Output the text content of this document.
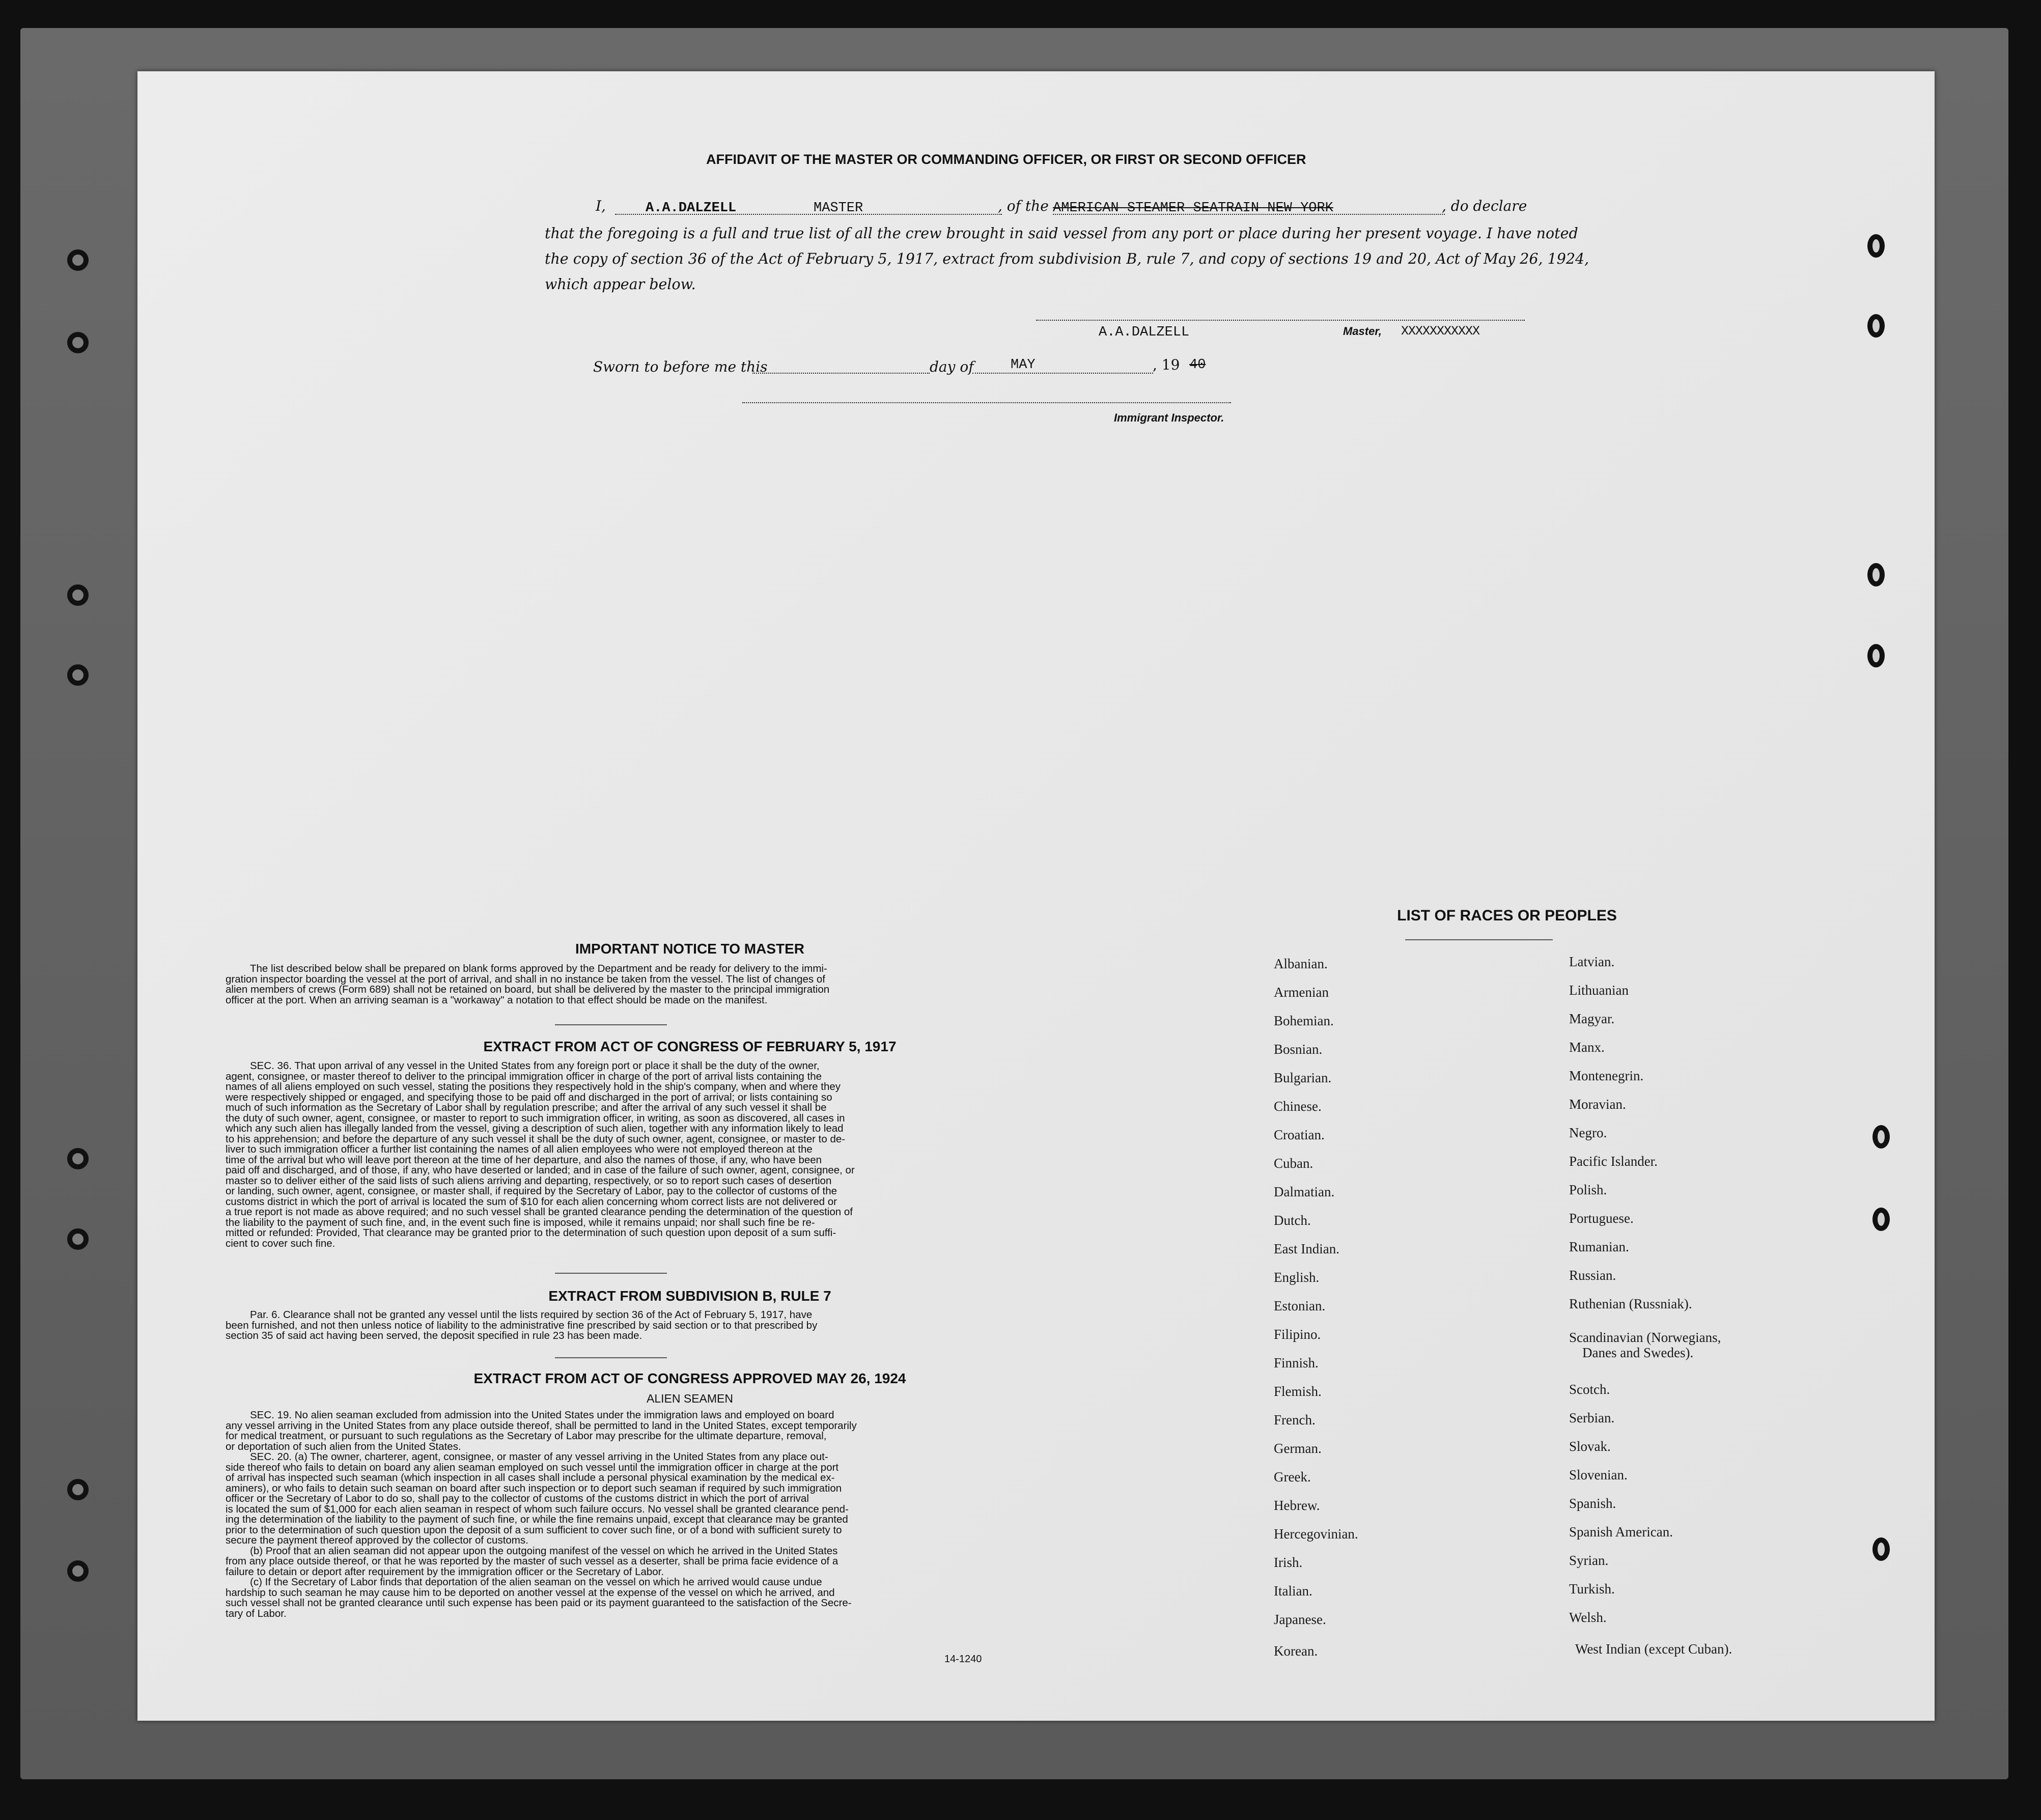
AFFIDAVIT OF THE MASTER OR COMMANDING OFFICER, OR FIRST OR SECOND OFFICER
I,	A.A.DALZELL	MASTER	, of the AMERICAN STEAMER SEATRAIN NEW YORK	, do declare
that the foregoing is a full and true list of all the crew brought in said vessel from any port or place during her present voyage. I have noted
the copy of section 36 of the Act of February 5, 1917, extract from subdivision B, rule 7, and copy of sections 19 and 20, Act of May 26, 1924,
which appear below.
A.A.DALZELL	Master, XXXXXXXXXXX
Sworn to before me this	day of	MAY	, 19 40
Immigrant Inspector.
IMPORTANT NOTICE TO MASTER
The list described below shall be prepared on blank forms approved by the Department and be ready for delivery to the immi-
gration inspector boarding the vessel at the port of arrival, and shall in no instance be taken from the vessel. The list of changes of
alien members of crews (Form 689) shall not be retained on board, but shall be delivered by the master to the principal immigration
officer at the port. When an arriving seaman is a "workaway" a notation to that effect should be made on the manifest.
EXTRACT FROM ACT OF CONGRESS OF FEBRUARY 5, 1917
SEC. 36. That upon arrival of any vessel in the United States from any foreign port or place it shall be the duty of the owner,
agent, consignee, or master thereof to deliver to the principal immigration officer in charge of the port of arrival lists containing the
names of all aliens employed on such vessel, stating the positions they respectively hold in the ship's company, when and where they
were respectively shipped or engaged, and specifying those to be paid off and discharged in the port of arrival; or lists containing so
much of such information as the Secretary of Labor shall by regulation prescribe; and after the arrival of any such vessel it shall be
the duty of such owner, agent, consignee, or master to report to such immigration officer, in writing, as soon as discovered, all cases in
which any such alien has illegally landed from the vessel, giving a description of such alien, together with any information likely to lead
to his apprehension; and before the departure of any such vessel it shall be the duty of such owner, agent, consignee, or master to de-
liver to such immigration officer a further list containing the names of all alien employees who were not employed thereon at the
time of the arrival but who will leave port thereon at the time of her departure, and also the names of those, if any, who have been
paid off and discharged, and of those, if any, who have deserted or landed; and in case of the failure of such owner, agent, consignee, or
master so to deliver either of the said lists of such aliens arriving and departing, respectively, or so to report such cases of desertion
or landing, such owner, agent, consignee, or master shall, if required by the Secretary of Labor, pay to the collector of customs of the
customs district in which the port of arrival is located the sum of $10 for each alien concerning whom correct lists are not delivered or
a true report is not made as above required; and no such vessel shall be granted clearance pending the determination of the question of
the liability to the payment of such fine, and, in the event such fine is imposed, while it remains unpaid; nor shall such fine be re-
mitted or refunded: Provided, That clearance may be granted prior to the determination of such question upon deposit of a sum suffi-
cient to cover such fine.
EXTRACT FROM SUBDIVISION B, RULE 7
Par. 6. Clearance shall not be granted any vessel until the lists required by section 36 of the Act of February 5, 1917, have
been furnished, and not then unless notice of liability to the administrative fine prescribed by said section or to that prescribed by
section 35 of said act having been served, the deposit specified in rule 23 has been made.
EXTRACT FROM ACT OF CONGRESS APPROVED MAY 26, 1924
ALIEN SEAMEN
SEC. 19. No alien seaman excluded from admission into the United States under the immigration laws and employed on board
any vessel arriving in the United States from any place outside thereof, shall be permitted to land in the United States, except temporarily
for medical treatment, or pursuant to such regulations as the Secretary of Labor may prescribe for the ultimate departure, removal,
or deportation of such alien from the United States.
SEC. 20. (a) The owner, charterer, agent, consignee, or master of any vessel arriving in the United States from any place out-
side thereof who fails to detain on board any alien seaman employed on such vessel until the immigration officer in charge at the port
of arrival has inspected such seaman (which inspection in all cases shall include a personal physical examination by the medical ex-
aminers), or who fails to detain such seaman on board after such inspection or to deport such seaman if required by such immigration
officer or the Secretary of Labor to do so, shall pay to the collector of customs of the customs district in which the port of arrival
is located the sum of $1,000 for each alien seaman in respect of whom such failure occurs. No vessel shall be granted clearance pend-
ing the determination of the liability to the payment of such fine, or while the fine remains unpaid, except that clearance may be granted
prior to the determination of such question upon the deposit of a sum sufficient to cover such fine, or of a bond with sufficient surety to
secure the payment thereof approved by the collector of customs.
(b) Proof that an alien seaman did not appear upon the outgoing manifest of the vessel on which he arrived in the United States
from any place outside thereof, or that he was reported by the master of such vessel as a deserter, shall be prima facie evidence of a
failure to detain or deport after requirement by the immigration officer or the Secretary of Labor.
(c) If the Secretary of Labor finds that deportation of the alien seaman on the vessel on which he arrived would cause undue
hardship to such seaman he may cause him to be deported on another vessel at the expense of the vessel on which he arrived, and
such vessel shall not be granted clearance until such expense has been paid or its payment guaranteed to the satisfaction of the Secre-
tary of Labor.
14-1240
LIST OF RACES OR PEOPLES
Albanian.
Armenian
Bohemian.
Bosnian.
Bulgarian.
Chinese.
Croatian.
Cuban.
Dalmatian.
Dutch.
East Indian.
English.
Estonian.
Filipino.
Finnish.
Flemish.
French.
German.
Greek.
Hebrew.
Hercegovinian.
Irish.
Italian.
Japanese.
Korean.
Latvian.
Lithuanian
Magyar.
Manx.
Montenegrin.
Moravian.
Negro.
Pacific Islander.
Polish.
Portuguese.
Rumanian.
Russian.
Ruthenian (Russniak).
Scandinavian (Norwegians,
Danes and Swedes).
Scotch.
Serbian.
Slovak.
Slovenian.
Spanish.
Spanish American.
Syrian.
Turkish.
Welsh.
West Indian (except Cuban).
